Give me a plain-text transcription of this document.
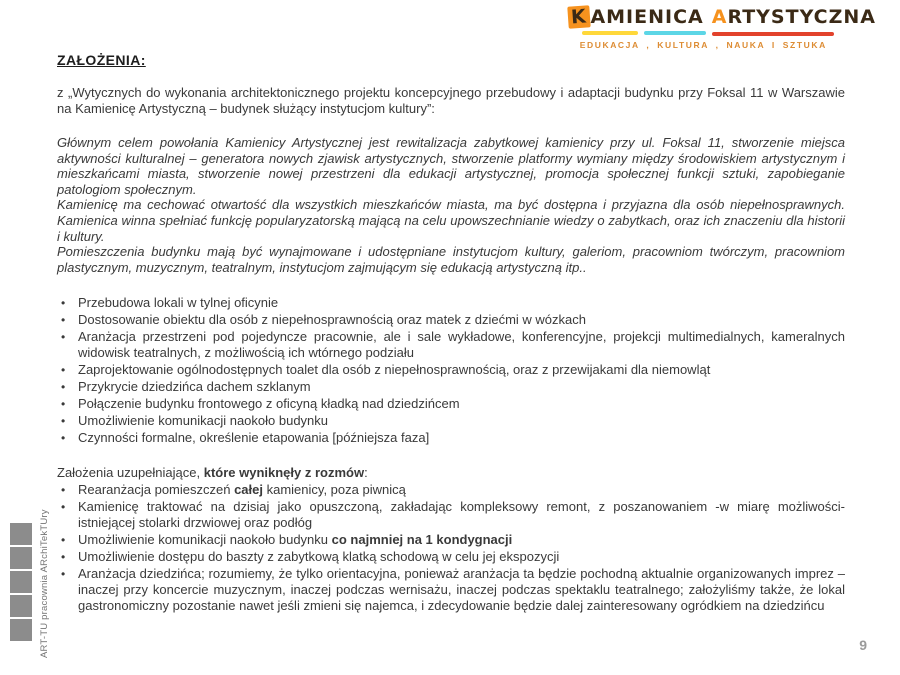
K AMIENICA ARTYSTYCZNA
EDUKACJA , KULTURA , NAUKA I SZTUKA
ZAŁOŻENIA:

z „Wytycznych do wykonania architektonicznego projektu koncepcyjnego przebudowy i adaptacji budynku przy Foksal 11 w Warszawie na Kamienicę Artystyczną – budynek służący instytucjom kultury”:

Głównym celem powołania Kamienicy Artystycznej jest rewitalizacja zabytkowej kamienicy przy ul. Foksal 11, stworzenie miejsca aktywności kulturalnej – generatora nowych zjawisk artystycznych, stworzenie platformy wymiany między środowiskiem artystycznym i mieszkańcami miasta, stworzenie nowej przestrzeni dla edukacji artystycznej, promocja społecznej funkcji sztuki, zapobieganie patologiom społecznym.

Kamienicę ma cechować otwartość dla wszystkich mieszkańców miasta, ma być dostępna i przyjazna dla osób niepełnosprawnych. Kamienica winna spełniać funkcję popularyzatorską mającą na celu upowszechnianie wiedzy o zabytkach, oraz ich znaczeniu dla historii i kultury.

Pomieszczenia budynku mają być wynajmowane i udostępniane instytucjom kultury, galeriom, pracowniom twórczym, pracowniom plastycznym, muzycznym, teatralnym, instytucjom zajmującym się edukacją artystyczną itp..

• Przebudowa lokali w tylnej oficynie
• Dostosowanie obiektu dla osób z niepełnosprawnością oraz matek z dziećmi w wózkach
• Aranżacja przestrzeni pod pojedyncze pracownie, ale i sale wykładowe, konferencyjne, projekcji multimedialnych, kameralnych widowisk teatralnych, z możliwością ich wtórnego podziału
• Zaprojektowanie ogólnodostępnych toalet dla osób z niepełnosprawnością, oraz z przewijakami dla niemowląt
• Przykrycie dziedzińca dachem szklanym
• Połączenie budynku frontowego z oficyną kładką nad dziedzińcem
• Umożliwienie komunikacji naokoło budynku
• Czynności formalne, określenie etapowania [późniejsza faza]

Założenia uzupełniające, które wyniknęły z rozmów:

• Rearanżacja pomieszczeń całej kamienicy, poza piwnicą
• Kamienicę traktować na dzisiaj jako opuszczoną, zakładając kompleksowy remont, z poszanowaniem -w miarę możliwości- istniejącej stolarki drzwiowej oraz podłóg
• Umożliwienie komunikacji naokoło budynku co najmniej na 1 kondygnacji
• Umożliwienie dostępu do baszty z zabytkową klatką schodową w celu jej ekspozycji
• Aranżacja dziedzińca; rozumiemy, że tylko orientacyjna, ponieważ aranżacja ta będzie pochodną aktualnie organizowanych imprez – inaczej przy koncercie muzycznym, inaczej podczas wernisażu, inaczej podczas spektaklu teatralnego; założyliśmy także, że lokal gastronomiczny pozostanie nawet jeśli zmieni się najemca, i zdecydowanie będzie dalej zainteresowany ogródkiem na dziedzińcu
ART-TU pracownia ARchiTekTUry	9
